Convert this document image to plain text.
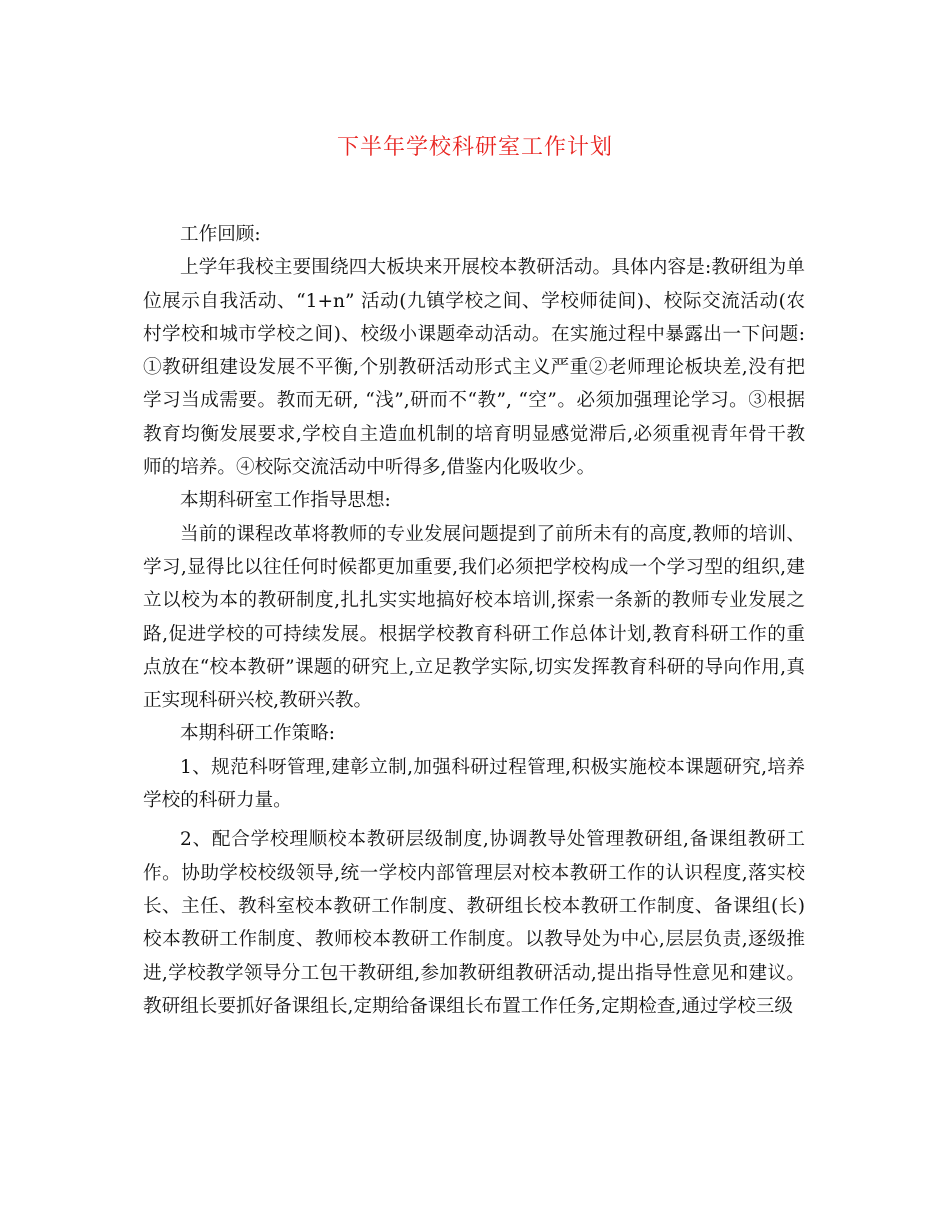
下半年学校科研室工作计划

工作回顾:

上学年我校主要围绕四大板块来开展校本教研活动。具体内容是:教研组为单位展示自我活动、“1+n” 活动(九镇学校之间、学校师徒间)、校际交流活动(农村学校和城市学校之间)、校级小课题牵动活动。在实施过程中暴露出一下问题:①教研组建设发展不平衡,个别教研活动形式主义严重②老师理论板块差,没有把学习当成需要。教而无研, “浅”,研而不“教”, “空”。必须加强理论学习。③根据教育均衡发展要求,学校自主造血机制的培育明显感觉滞后,必须重视青年骨干教师的培养。④校际交流活动中听得多,借鉴内化吸收少。

本期科研室工作指导思想:

当前的课程改革将教师的专业发展问题提到了前所未有的高度,教师的培训、学习,显得比以往任何时候都更加重要,我们必须把学校构成一个学习型的组织,建立以校为本的教研制度,扎扎实实地搞好校本培训,探索一条新的教师专业发展之路,促进学校的可持续发展。根据学校教育科研工作总体计划,教育科研工作的重点放在“校本教研”课题的研究上,立足教学实际,切实发挥教育科研的导向作用,真正实现科研兴校,教研兴教。

本期科研工作策略:

1、规范科呀管理,建彰立制,加强科研过程管理,积极实施校本课题研究,培养学校的科研力量。

2、配合学校理顺校本教研层级制度,协调教导处管理教研组,备课组教研工作。协助学校校级领导,统一学校内部管理层对校本教研工作的认识程度,落实校长、主任、教科室校本教研工作制度、教研组长校本教研工作制度、备课组(长)校本教研工作制度、教师校本教研工作制度。以教导处为中心,层层负责,逐级推进,学校教学领导分工包干教研组,参加教研组教研活动,提出指导性意见和建议。教研组长要抓好备课组长,定期给备课组长布置工作任务,定期检查,通过学校三级
